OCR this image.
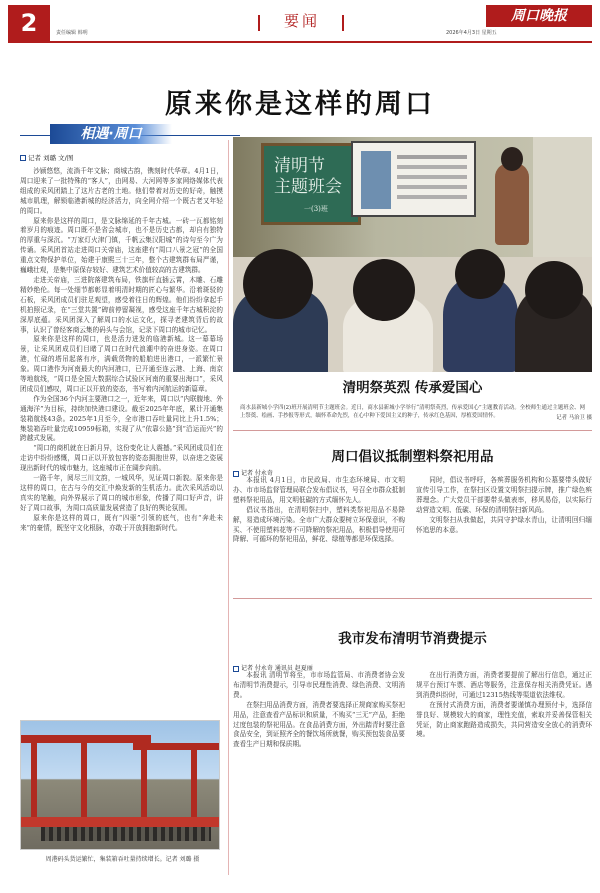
2	责任编辑 韩明
要闻
2026年4月3日 星期五
周口晚报
原来你是这样的周口
相遇·周口
记者 刘璐 文/图

沙颍悠悠，流淌千年文脉；商城古韵，镌刻时代华章。4月1日，周口迎来了一批特殊的“客人”，由网易、大河网等多家网络媒体代表组成的采风团踏上了这片古老的土地。他们带着对历史的好奇，触摸城市肌理，解锁临港新城的经济活力，向全网介绍一个既古老又年轻的周口。

原来你是这样的周口，是文脉绵延的千年古城。一砖一瓦都铭刻着岁月的痕迹。周口既不是省会城市，也不是历史古都，却自有独特的厚重与深沉。“万家灯火津门镇，千帆云集汉阳城”的诗句至今广为传诵。采风团首站走进周口关帝庙，这座建有“周口八景之冠”的全国重点文物保护单位，始建于康熙三十三年，整个古建筑群布局严谨，巍峨壮观，是集中原保存较好、建筑艺术价值较高的古建筑群。

走进关帝庙，三进院落建筑布局，铁旗杆直插云霄，木雕、石雕精妙绝伦。每一处细节都彰显着明清时期的匠心与繁华。沿着斑驳的石板，采风团成员们驻足观望，感受着往日的辉煌。他们纷纷拿起手机拍照记录，在“三堂共置”碑前停留凝视，感受这座千年古城积淀的深厚底蕴。采风团深入了解周口的水运文化，探寻老建筑背后的故事，认识了曾经客商云集的码头与会馆，记录下周口的城市记忆。

原来你是这样的周口，也是活力迸发的临港新城。这一幕幕场景，让采风团成员们目睹了周口在时代浪潮中的奋进身姿。在周口港，忙碌的塔吊起落有序，满载货物的船舶进出港口，一派繁忙景象。周口港作为河南最大的内河港口，已开通至连云港、上海、南京等地航线，“周口是全国大数据综合试验区河南的重要出海口”，采风团成员们感叹，周口正以开放的姿态，书写着内河航运的新篇章。

作为全国36个内河主要港口之一，近年来，周口以“内联腹地、外通海洋”为目标，持续加快港口建设。截至2025年年底，累计开通集装箱航线43条。2025年1月至今，全市港口吞吐量同比上升1.5%；集装箱吞吐量完成10959标箱，实现了从“依靠公路”到“沿运而兴”的跨越式发展。

“周口的商机就在日新月异，这份变化让人震撼。”采风团成员们在走访中纷纷感慨，周口正以开放包容的姿态拥抱世界，以奋进之姿展现出新时代的城市魅力，这座城市正在阔步向前。

一路千年，阅尽三川文韵，一城风华，见证周口新貌。原来你是这样的周口，在古与今的交汇中焕发新的生机活力。此次采风活动以真实的笔触，向外界展示了周口的城市形象，传播了周口好声音，讲好了周口故事，为周口高质量发展营造了良好的舆论氛围。

原来你是这样的周口，既有“四驱”引领的底气，也有“奔赴未来”的豪情，既坚守文化根脉，亦敢于开放拥抱新时代。

周港码头货运繁忙，集装箱吞吐量持续增长。记者 刘璐 摄
清明节
主题班会
一(3)班
清明祭英烈 传承爱国心
商水县新城小学四(2)班开展清明节主题班会。近日，商水县新城小学举行“清明祭英烈，传承爱国心”主题教育活动。全校师生通过主题班会、网上祭奠、绘画、手抄报等形式，缅怀革命先烈，在心中种下爱国主义的种子，传承红色基因，厚植爱国情怀。	记者 马治卫 摄
周口倡议抵制塑料祭祀用品
记者 付永奇

本报讯 4月1日，市民政局、市生态环境局、市文明办、市市场监督管理局联合发布倡议书，号召全市群众抵制塑料祭祀用品，用文明低碳的方式缅怀先人。

倡议书指出，在清明祭扫中，塑料类祭祀用品不易降解，易造成环境污染。全市广大群众要树立环保意识，不购买、不使用塑料花等不可降解的祭祀用品，积极倡导使用可降解、可循环的祭祀用品，鲜花、绿植等都是环保选择。

同时，倡议书呼吁，各殡葬服务机构和公墓要带头做好宣传引导工作，在祭扫区设置文明祭扫提示牌，推广绿色殡葬理念。广大党员干部要带头做表率，移风易俗，以实际行动营造文明、低碳、环保的清明祭扫新风尚。

文明祭扫从我做起，共同守护绿水青山，让清明回归缅怀追思的本意。

我市发布清明节消费提示
记者 付永奇 通讯员 赵夏丽

本报讯 清明节将至，市市场监管局、市消费者协会发布清明节消费提示，引导市民理性消费、绿色消费、文明消费。

在祭扫用品消费方面，消费者要选择正规商家购买祭祀用品，注意查看产品标识和质量，不购买“三无”产品，拒绝过度包装的祭祀用品。在食品消费方面，外出踏青时要注意食品安全，到证照齐全的餐饮场所就餐，购买预包装食品要查看生产日期和保质期。

在出行消费方面，消费者要提前了解出行信息，通过正规平台预订车票、酒店等服务，注意保存相关消费凭证。遇到消费纠纷时，可通过12315热线等渠道依法维权。

在预付式消费方面，消费者要谨慎办理预付卡，选择信誉良好、规模较大的商家，理性充值，索取并妥善保管相关凭证，防止商家跑路造成损失，共同营造安全放心的消费环境。
